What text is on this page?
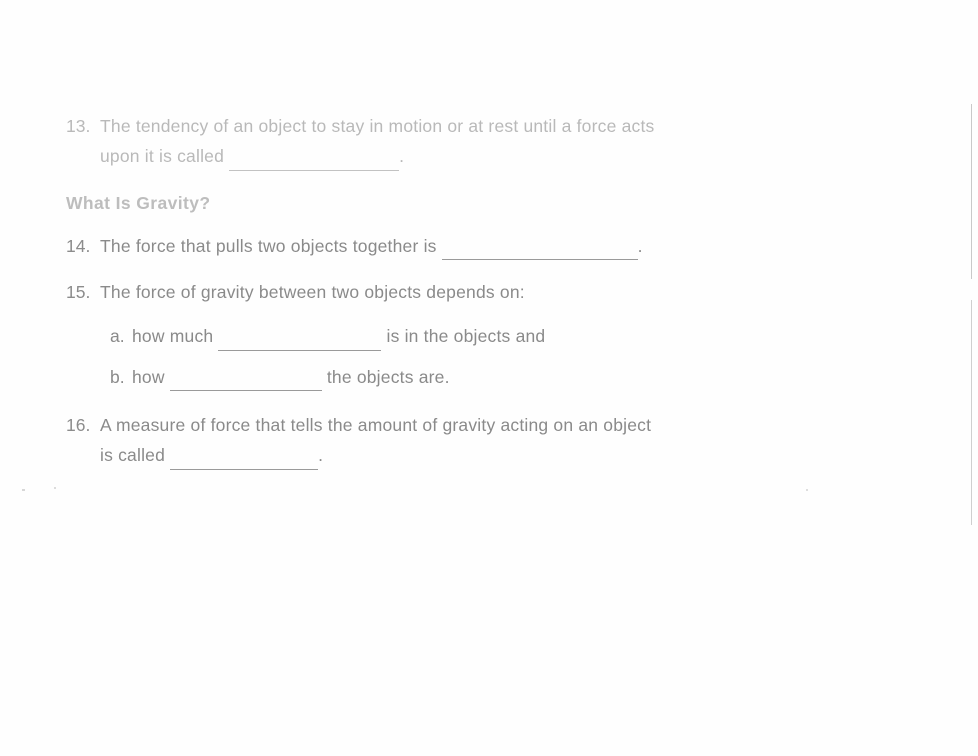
13. The tendency of an object to stay in motion or at rest until a force acts
upon it is called	.
What Is Gravity?
14. The force that pulls two objects together is	.
15. The force of gravity between two objects depends on:
a. how much	is in the objects and
b. how	the objects are.
16. A measure of force that tells the amount of gravity acting on an object
is called	.
